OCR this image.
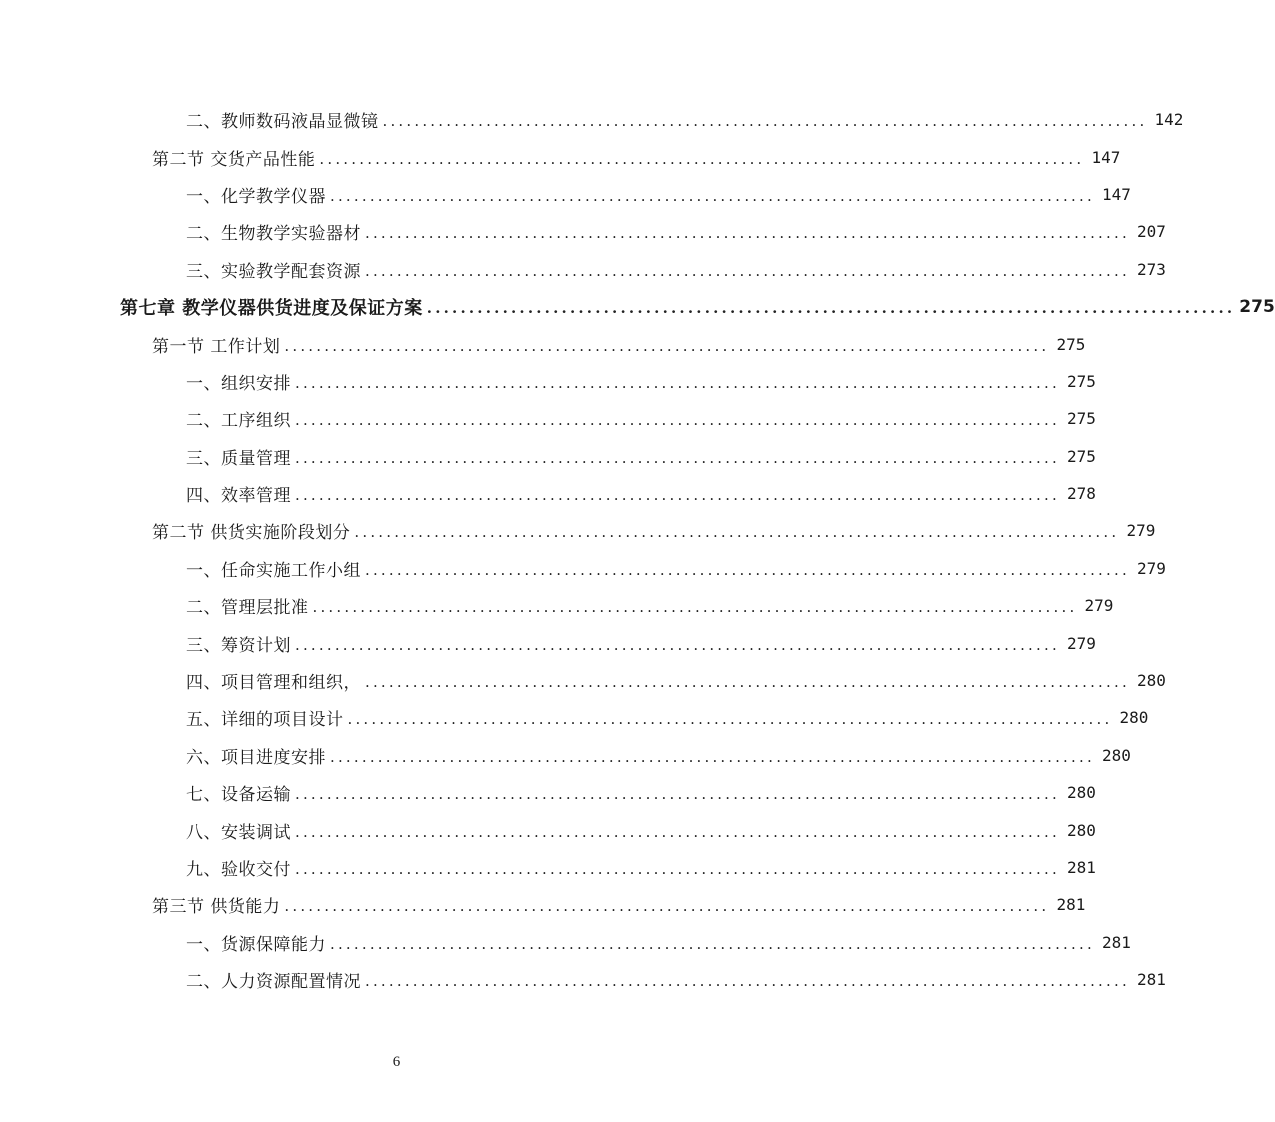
二、教师数码液晶显微镜 ................................................................................................ 142
第二节 交货产品性能 ................................................................................................ 147
一、化学教学仪器 ................................................................................................ 147
二、生物教学实验器材 ................................................................................................ 207
三、实验教学配套资源 ................................................................................................ 273
第七章 教学仪器供货进度及保证方案 ................................................................................................ 275
第一节 工作计划 ................................................................................................ 275
一、组织安排 ................................................................................................ 275
二、工序组织 ................................................................................................ 275
三、质量管理 ................................................................................................ 275
四、效率管理 ................................................................................................ 278
第二节 供货实施阶段划分 ................................................................................................ 279
一、任命实施工作小组 ................................................................................................ 279
二、管理层批准 ................................................................................................ 279
三、筹资计划 ................................................................................................ 279
四、项目管理和组织， ................................................................................................ 280
五、详细的项目设计 ................................................................................................ 280
六、项目进度安排 ................................................................................................ 280
七、设备运输 ................................................................................................ 280
八、安装调试 ................................................................................................ 280
九、验收交付 ................................................................................................ 281
第三节 供货能力 ................................................................................................ 281
一、货源保障能力 ................................................................................................ 281
二、人力资源配置情况 ................................................................................................ 281
6
